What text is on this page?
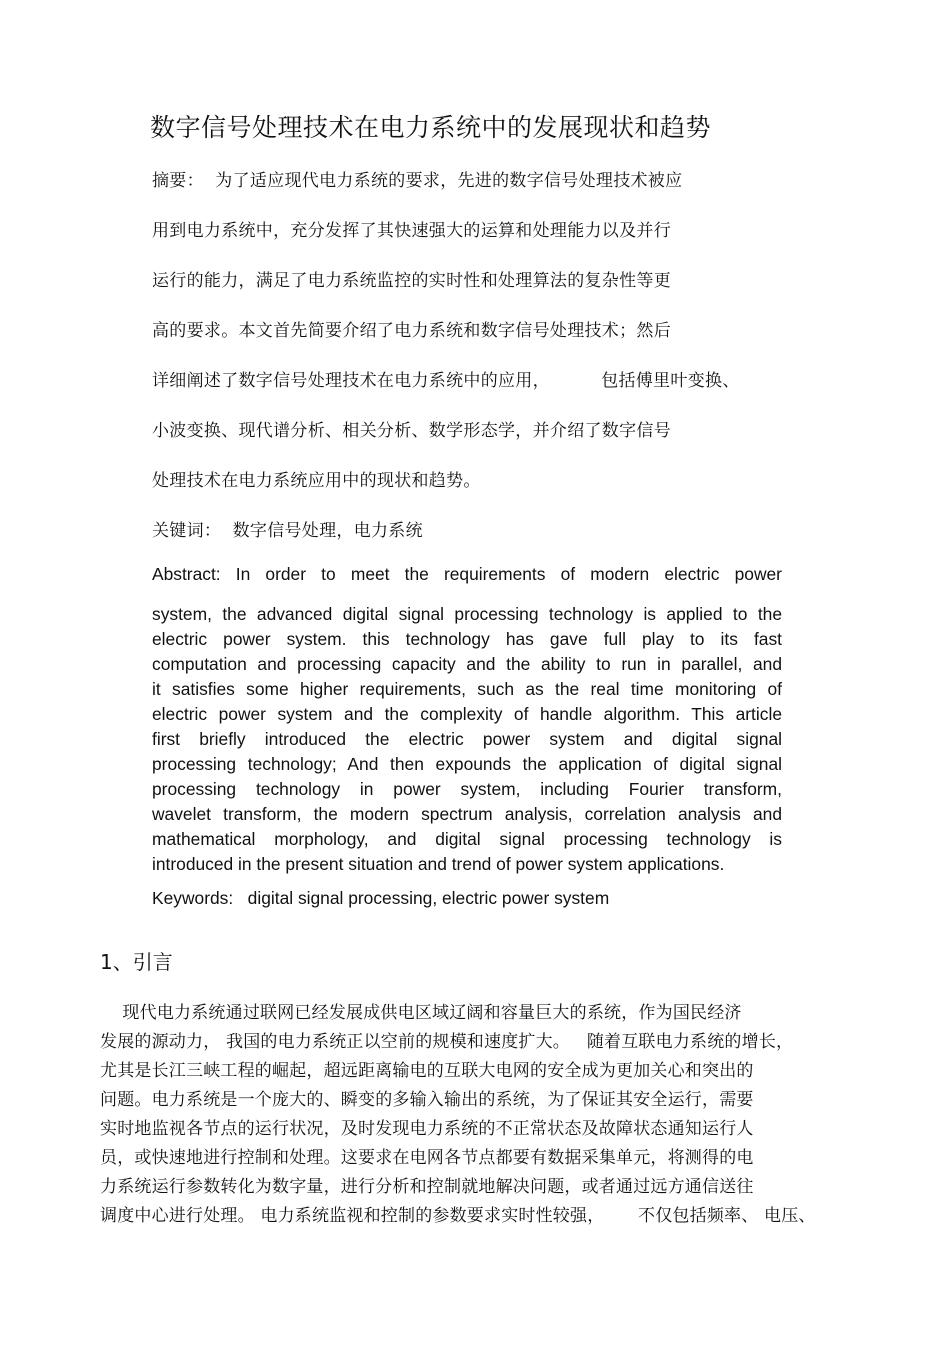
数字信号处理技术在电力系统中的发展现状和趋势
摘要：  为了适应现代电力系统的要求，先进的数字信号处理技术被应
用到电力系统中，充分发挥了其快速强大的运算和处理能力以及并行
运行的能力，满足了电力系统监控的实时性和处理算法的复杂性等更
高的要求。本文首先简要介绍了电力系统和数字信号处理技术；然后
详细阐述了数字信号处理技术在电力系统中的应用，         包括傅里叶变换、
小波变换、现代谱分析、相关分析、数学形态学，并介绍了数字信号
处理技术在电力系统应用中的现状和趋势。
关键词：  数字信号处理，电力系统
Abstract: In order to meet the requirements of modern electric power
system, the advanced digital signal processing technology is applied to the
electric power system. this technology has gave full play to its fast
computation and processing capacity and the ability to run in parallel, and
it satisfies some higher requirements, such as the real time monitoring of
electric power system and the complexity of handle algorithm. This article
first briefly introduced the electric power system and digital signal
processing technology; And then expounds the application of digital signal
processing technology in power system, including Fourier transform,
wavelet transform, the modern spectrum analysis, correlation analysis and
mathematical morphology, and digital signal processing technology is
introduced in the present situation and trend of power system applications.
Keywords:   digital signal processing, electric power system
1、引言
现代电力系统通过联网已经发展成供电区域辽阔和容量巨大的系统，作为国民经济
发展的源动力， 我国的电力系统正以空前的规模和速度扩大。   随着互联电力系统的增长，
尤其是长江三峡工程的崛起，超远距离输电的互联大电网的安全成为更加关心和突出的
问题。电力系统是一个庞大的、瞬变的多输入输出的系统，为了保证其安全运行，需要
实时地监视各节点的运行状况，及时发现电力系统的不正常状态及故障状态通知运行人
员，或快速地进行控制和处理。这要求在电网各节点都要有数据采集单元，将测得的电
力系统运行参数转化为数字量，进行分析和控制就地解决问题，或者通过远方通信送往
调度中心进行处理。 电力系统监视和控制的参数要求实时性较强，      不仅包括频率、 电压、
